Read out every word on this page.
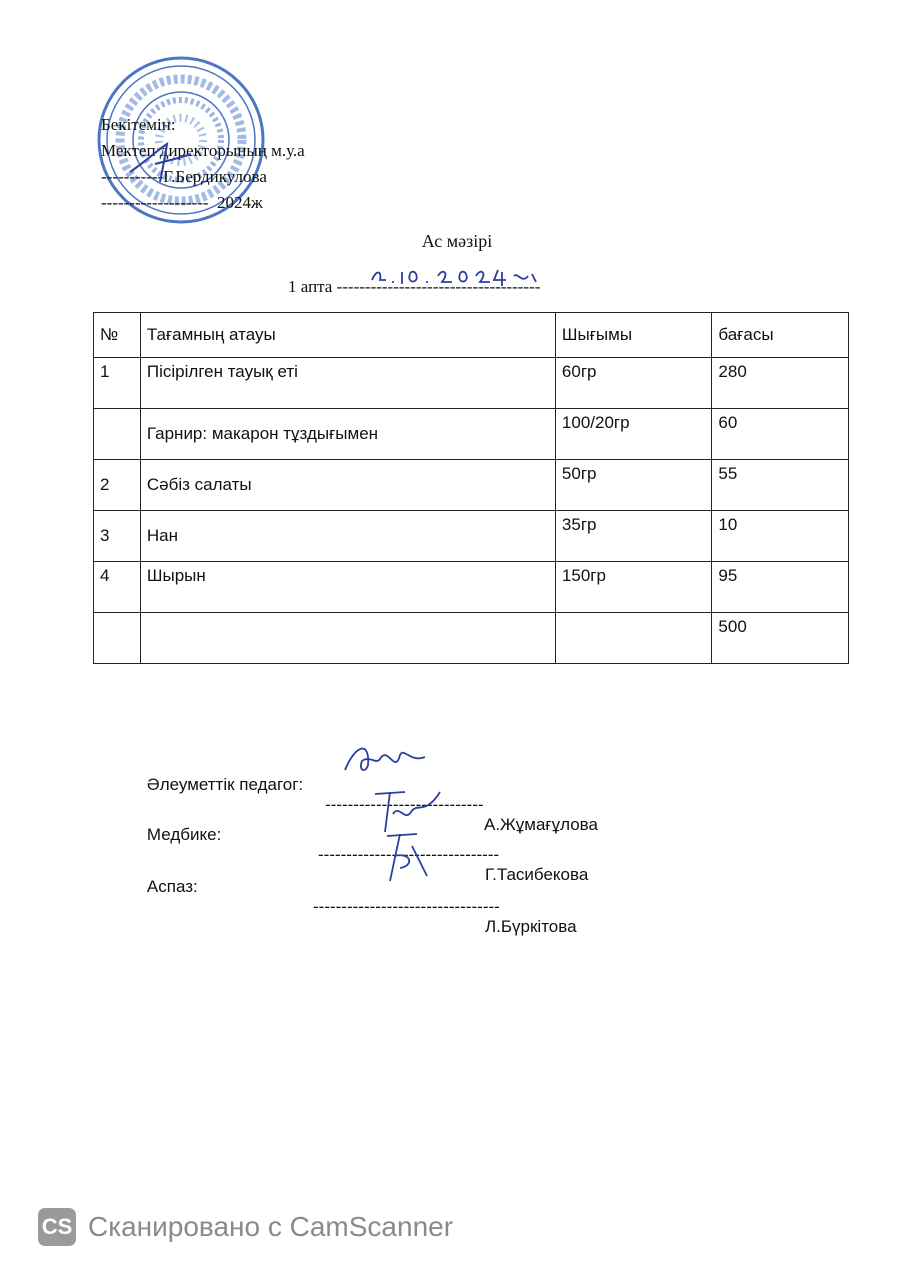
Бекітемін:
Мектеп директорының м.у.а
-----------Г.Бердикулова
-------------------  2024ж
Ас мәзірі
1 апта ------------------------------------
№	Тағамның атауы	Шығымы	бағасы
1	Пісірілген тауық еті	60гр	280
	Гарнир: макарон тұздығымен	100/20гр	60
2	Сәбіз салаты	50гр	55
3	Нан	35гр	10
4	Шырын	150гр	95
			500

Әлеуметтік педагог:

----------------------------

А.Жұмағұлова

Медбике:

--------------------------------

Г.Тасибекова

Аспаз:

---------------------------------

Л.Бүркітова

CS Сканировано с CamScanner
